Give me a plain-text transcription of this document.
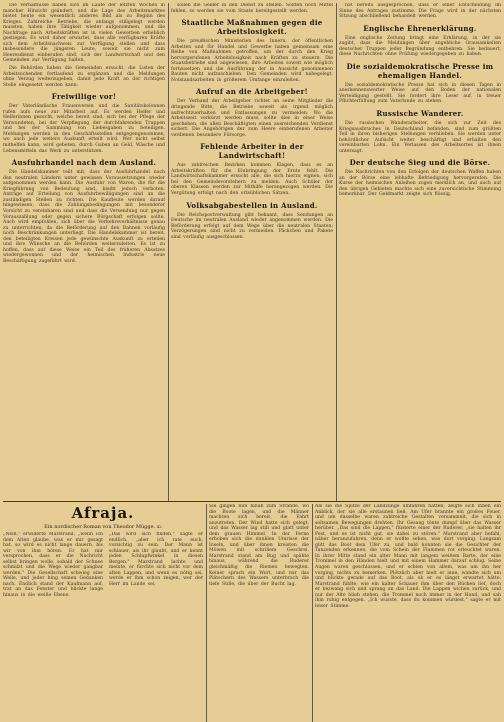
Die Verhältnisse haben sich im Laufe der letzten Wochen in mancher Hinsicht geändert, und die Lage des Arbeitsmarktes bietet heute ein wesentlich anderes Bild als zu Beginn des Krieges. Zahlreiche Betriebe, die anfangs stillgelegt werden mussten, haben ihre Tätigkeit wieder aufgenommen, und die Nachfrage nach Arbeitskräften ist in vielen Gewerben erheblich gestiegen. Es wird daher erwartet, dass alle verfügbaren Kräfte sich dem Arbeitsnachweis zur Verfügung stellen und dass insbesondere die jüngeren Leute, soweit sie nicht zum Heeresdienst einberufen sind, sich der Landwirtschaft und den Gemeinden zur Verfügung halten.
Die Behörden haben die Gemeinden ersucht, die Listen der Arbeitsuchenden fortlaufend zu ergänzen und die Meldungen ohne Verzug weiterzugeben, damit jede Kraft an der richtigen Stelle eingesetzt werden kann.
Freiwillige vor!
Der Vaterländische Frauenverein und die Sanitätskolonnen rufen aufs neue zur Mitarbeit auf. Es werden Helfer und Helferinnen gesucht, welche bereit sind, sich bei der Pflege der Verwundeten, bei der Verpflegung der durchfahrenden Truppen und bei der Sammlung von Liebesgaben zu beteiligen. Meldungen werden in den Geschäftsstellen entgegengenommen, wo auch jede weitere Auskunft erteilt wird. Wer nicht selbst mithelfen kann, wird gebeten, durch Gaben an Geld, Wäsche und Lebensmitteln das Werk zu unterstützen.
Ausfuhrhandel nach dem Ausland.
Die Handelskammer teilt mit, dass der Ausfuhrhandel nach den neutralen Ländern unter gewissen Voraussetzungen wieder aufgenommen werden kann. Die Ausfuhr von Waren, die für die Kriegführung von Bedeutung sind, bleibt jedoch verboten. Anträge auf Erteilung von Ausfuhrbewilligungen sind an die zuständigen Stellen zu richten. Die Kaufleute werden darauf hingewiesen, dass die Zahlungsbedingungen mit besonderer Vorsicht zu vereinbaren sind und dass die Versendung nur gegen Vorauszahlung oder gegen sichere Bürgschaft erfolgen sollte. Auch wird empfohlen, sich über die Verkehrsverhältnisse genau zu unterrichten, da die Beförderung auf den Bahnen vorläufig noch Beschränkungen unterliegt. Die Handelskammer ist bereit, den beteiligten Kreisen jede gewünschte Auskunft zu erteilen und ihre Wünsche an die Behörden weiterzuleiten. Es ist zu hoffen, dass auf diese Weise ein Teil des früheren Absatzes wiedergewonnen und der heimischen Industrie neue Beschäftigung zugeführt wird.
sollen die Gelder in den Dienst zu stellen. Sollten noch Mittel fehlen, so werden sie vom Staate bereitgestellt werden.
Staatliche Maßnahmen gegen die Arbeitslosigkeit.
Die preußischen Ministerien des Innern, der öffentlichen Arbeiten und für Handel und Gewerbe haben gemeinsam eine Reihe von Maßnahmen getroffen, um der durch den Krieg hervorgerufenen Arbeitslosigkeit nach Kräften zu steuern. Die Staatsbetriebe sind angewiesen, ihre Arbeiten soweit wie möglich fortzusetzen und die Ausführung der in Aussicht genommenen Bauten nicht aufzuschieben. Den Gemeinden wird nahegelegt, Notstandsarbeiten in größerem Umfange einzuleiten.
Aufruf an die Arbeitgeber!
Der Verband der Arbeitgeber richtet an seine Mitglieder die dringende Bitte, die Betriebe soweit als irgend möglich aufrechtzuerhalten und Entlassungen zu vermeiden. Wo die Arbeitszeit verkürzt werden muss, sollte dies in einer Weise geschehen, die allen Beschäftigten einen ausreichenden Verdienst sichert. Die Angehörigen der zum Heere einberufenen Arbeiter verdienen besondere Fürsorge.
Fehlende Arbeiter in der Landwirtschaft!
Aus zahlreichen Bezirken kommen Klagen, dass es an Arbeitskräften für die Einbringung der Ernte fehlt. Die Landwirtschaftskammer ersucht alle, die sich hierzu eignen, sich bei den Gemeindevorstehern zu melden. Auch Schüler der oberen Klassen werden zur Mithilfe herangezogen werden. Die Vergütung erfolgt nach den ortsüblichen Sätzen.
Volksabgabestellen in Ausland.
Die Reichspostverwaltung gibt bekannt, dass Sendungen an Deutsche im neutralen Ausland wieder angenommen werden. Die Beförderung erfolgt auf dem Wege über die neutralen Staaten; Verzögerungen sind nicht zu vermeiden. Päckchen und Pakete sind vorläufig ausgeschlossen.
hat bereits ausgesprochen, dass er einer Entscheidung im Sinne des Antrages zustimme. Die Frage wird in der nächsten Sitzung abschließend behandelt werden.
Englische Ehrenerklärung.
Eine englische Zeitung bringt eine Erklärung, in der sie zugibt, dass die Meldungen über angebliche Grausamkeiten deutscher Truppen jeder Begründung entbehren. Sie bedauert, diese Nachrichten ohne Prüfung wiedergegeben zu haben.
Die sozialdemokratische Presse im ehemaligen Handel.
Die sozialdemokratische Presse hat sich in diesen Tagen in anerkennenswerter Weise auf den Boden der nationalen Verteidigung gestellt. Sie fordert ihre Leser auf, in treuer Pflichterfüllung zum Vaterlande zu stehen.
Russische Wanderer.
Die russischen Wanderarbeiter, die sich zur Zeit des Kriegsausbruches in Deutschland befanden, sind zum größten Teil in ihren bisherigen Stellungen verblieben. Sie werden unter behördlicher Aufsicht weiter beschäftigt und erhalten den vereinbarten Lohn. Ein Verlassen des Arbeitsortes ist ihnen untersagt.
Der deutsche Sieg und die Börse.
Die Nachrichten von den Erfolgen der deutschen Waffen haben an der Börse eine lebhafte Befriedigung hervorgerufen. Die Kurse der heimischen Anleihen zogen merklich an, und auch auf den übrigen Gebieten machte sich eine zuversichtliche Stimmung bemerkbar. Der Geldmarkt zeigte sich flüssig.
Afraja.
Ein nordischer Roman von Theodor Mügge. 42
„Nein," erwiderte Marstrand, „wenn ich dem Alten glaube, was er mir gesagt hat, so wird es nicht lange dauern, bis wir von ihm hören. Er hat mir versprochen, dass er die Nachricht selbst bringen wolle, sobald der Schnee schmilzt und die Wege wieder gangbar werden." Die Gesellschaft schwieg eine Weile, und jeder hing seinen Gedanken nach. Endlich stand der Kaufmann auf, trat an das Fenster und blickte lange hinaus in die weiße Ebene.
„Das wird sich finden," sagte er endlich, „aber ich rate euch, vorsichtig zu sein. Der Mann ist schlauer, als ihr glaubt, und er kennt jeden Schlupfwinkel in diesen Bergen." Marstrand lachte und meinte, er fürchte sich nicht vor dem alten Lappen, und wenn es nötig sei, werde er ihm schon zeigen, wer der Herr im Lande sei.
Sie gingen nun hinab zum Strande, wo die Boote lagen, und die Männer machten sich bereit, die Fahrt anzutreten. Der Wind hatte sich gelegt, und das Wasser lag still und glatt unter dem grauen Himmel. In der Ferne erhoben sich die dunklen Umrisse der Inseln, und über ihnen kreisten die Möwen mit schrillem Geschrei. Marstrand stand am Bug und spähte hinaus, während die Ruderer gleichmäßig die Riemen bewegten. Keiner sprach ein Wort, und nur das Plätschern des Wassers unterbrach die tiefe Stille, die über der Bucht lag.
Als sie die Spitze der Landzunge umfahren hatten, zeigte sich ihnen ein Anblick, der sie alle erstaunen ließ. Am Ufer brannte ein großes Feuer, und um dasselbe waren zahlreiche Gestalten versammelt, die sich in seltsamen Bewegungen drehten. Ihr Gesang tönte dumpf über das Wasser herüber. „Das sind die Lappen," flüsterte einer der Ruderer, „sie halten ihr Fest, und es ist nicht gut, sie dabei zu stören." Marstrand aber befahl, näher heranzufahren, denn er wollte sehen, was dort vorging. Langsam glitt das Boot dem Ufer zu, und bald konnten sie die Gesichter der Tanzenden erkennen, die vom Schein der Flammen rot erleuchtet waren. In ihrer Mitte stand ein alter Mann mit langem weißem Barte, der eine Trommel in den Händen hielt und mit einem Hammer darauf schlug. Seine Augen waren geschlossen, und er schien von allem, was um ihn her vorging, nichts zu bemerken. Plötzlich aber hielt er inne, wandte sich um und blickte gerade auf das Boot, als ob er es längst erwartet hätte. Marstrand fühlte, wie ein kalter Schauer ihm über den Rücken lief, doch er bezwang sich und sprang an das Land. Die Lappen wichen zurück, und nur der Alte blieb stehen, die Trommel noch immer in der Hand, und sah ihm ruhig entgegen. „Ich wusste, dass du kommen würdest," sagte er mit leiser Stimme.
